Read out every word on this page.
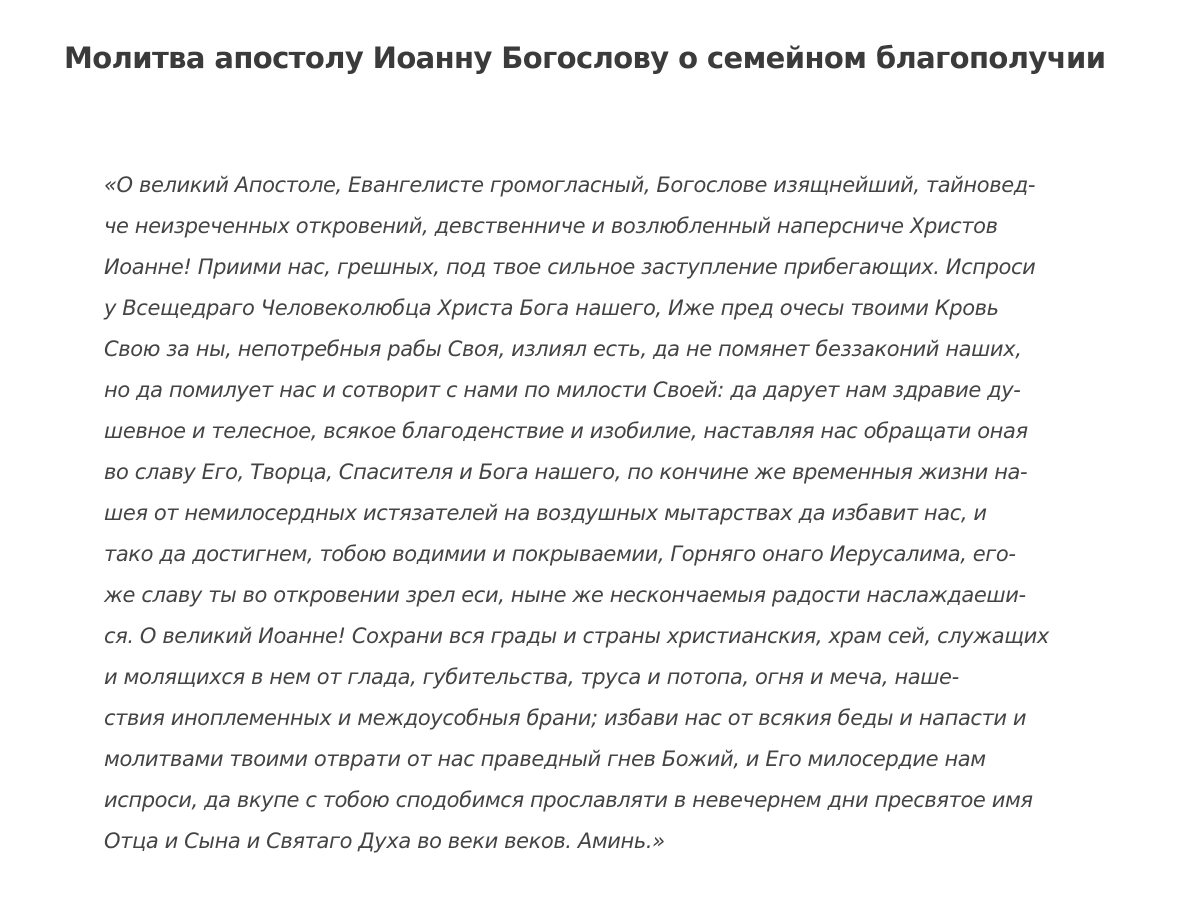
Молитва апостолу Иоанну Богослову о семейном благополучии
«О великий Апостоле, Евангелисте громогласный, Богослове изящнейший, тайновед-
че неизреченных откровений, девственниче и возлюбленный наперсниче Христов
Иоанне! Приими нас, грешных, под твое сильное заступление прибегающих. Испроси
у Всещедраго Человеколюбца Христа Бога нашего, Иже пред очесы твоими Кровь
Свою за ны, непотребныя рабы Своя, излиял есть, да не помянет беззаконий наших,
но да помилует нас и сотворит с нами по милости Своей: да дарует нам здравие ду-
шевное и телесное, всякое благоденствие и изобилие, наставляя нас обращати оная
во славу Его, Творца, Спасителя и Бога нашего, по кончине же временныя жизни на-
шея от немилосердных истязателей на воздушных мытарствах да избавит нас, и
тако да достигнем, тобою водимии и покрываемии, Горняго онаго Иерусалима, его-
же славу ты во откровении зрел еси, ныне же нескончаемыя радости наслаждаеши-
ся. О великий Иоанне! Сохрани вся грады и страны христианския, храм сей, служащих
и молящихся в нем от глада, губительства, труса и потопа, огня и меча, наше-
ствия иноплеменных и междоусобныя брани; избави нас от всякия беды и напасти и
молитвами твоими отврати от нас праведный гнев Божий, и Его милосердие нам
испроси, да вкупе с тобою сподобимся прославляти в невечернем дни пресвятое имя
Отца и Сына и Святаго Духа во веки веков. Аминь.»
